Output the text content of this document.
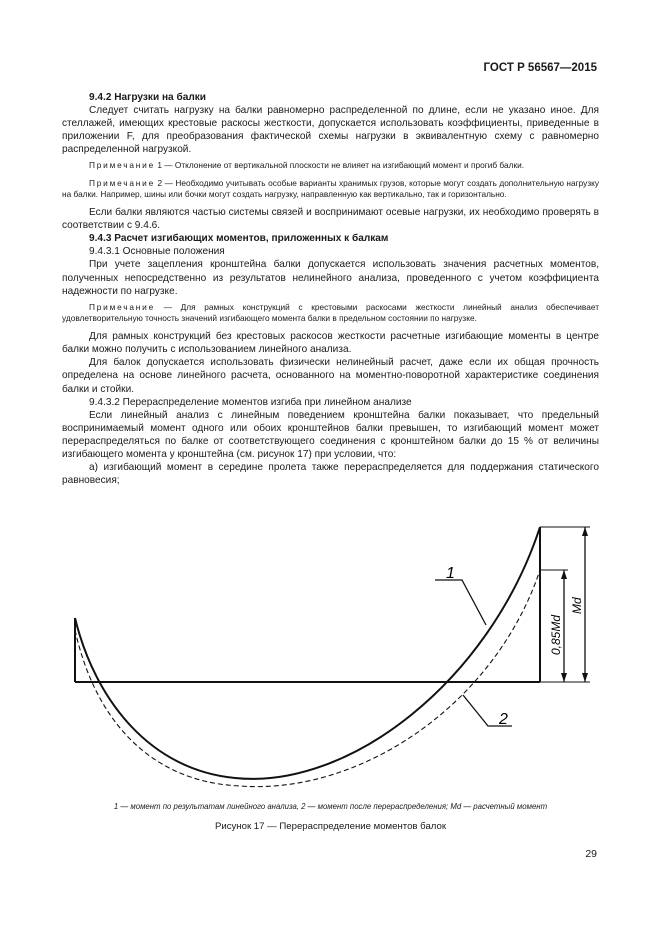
ГОСТ Р 56567—2015

9.4.2 Нагрузки на балки

Следует считать нагрузку на балки равномерно распределенной по длине, если не указано иное. Для стеллажей, имеющих крестовые раскосы жесткости, допускается использовать коэффициенты, приведенные в приложении F, для преобразования фактической схемы нагрузки в эквивалентную схему с равномерно распределенной нагрузкой.

Примечание 1 — Отклонение от вертикальной плоскости не влияет на изгибающий момент и прогиб балки.

Примечание 2 — Необходимо учитывать особые варианты хранимых грузов, которые могут создать дополнительную нагрузку на балки. Например, шины или бочки могут создать нагрузку, направленную как вертикально, так и горизонтально.

Если балки являются частью системы связей и воспринимают осевые нагрузки, их необходимо проверять в соответствии с 9.4.6.

9.4.3 Расчет изгибающих моментов, приложенных к балкам

9.4.3.1 Основные положения

При учете зацепления кронштейна балки допускается использовать значения расчетных моментов, полученных непосредственно из результатов нелинейного анализа, проведенного с учетом коэффициента надежности по нагрузке.

Примечание — Для рамных конструкций с крестовыми раскосами жесткости линейный анализ обеспечивает удовлетворительную точность значений изгибающего момента балки в предельном состоянии по нагрузке.

Для рамных конструкций без крестовых раскосов жесткости расчетные изгибающие моменты в центре балки можно получить с использованием линейного анализа.

Для балок допускается использовать физически нелинейный расчет, даже если их общая прочность определена на основе линейного расчета, основанного на моментно-поворотной характеристике соединения балки и стойки.

9.4.3.2 Перераспределение моментов изгиба при линейном анализе

Если линейный анализ с линейным поведением кронштейна балки показывает, что предельный воспринимаемый момент одного или обоих кронштейнов балки превышен, то изгибающий момент может перераспределяться по балке от соответствующего соединения с кронштейном балки до 15 % от величины изгибающего момента у кронштейна (см. рисунок 17) при условии, что:

а) изгибающий момент в середине пролета также перераспределяется для поддержания статического равновесия;

1
2
0,85Md
Md
1 — момент по результатам линейного анализа, 2 — момент после перераспределения; Md — расчетный момент
Рисунок 17 — Перераспределение моментов балок
29
